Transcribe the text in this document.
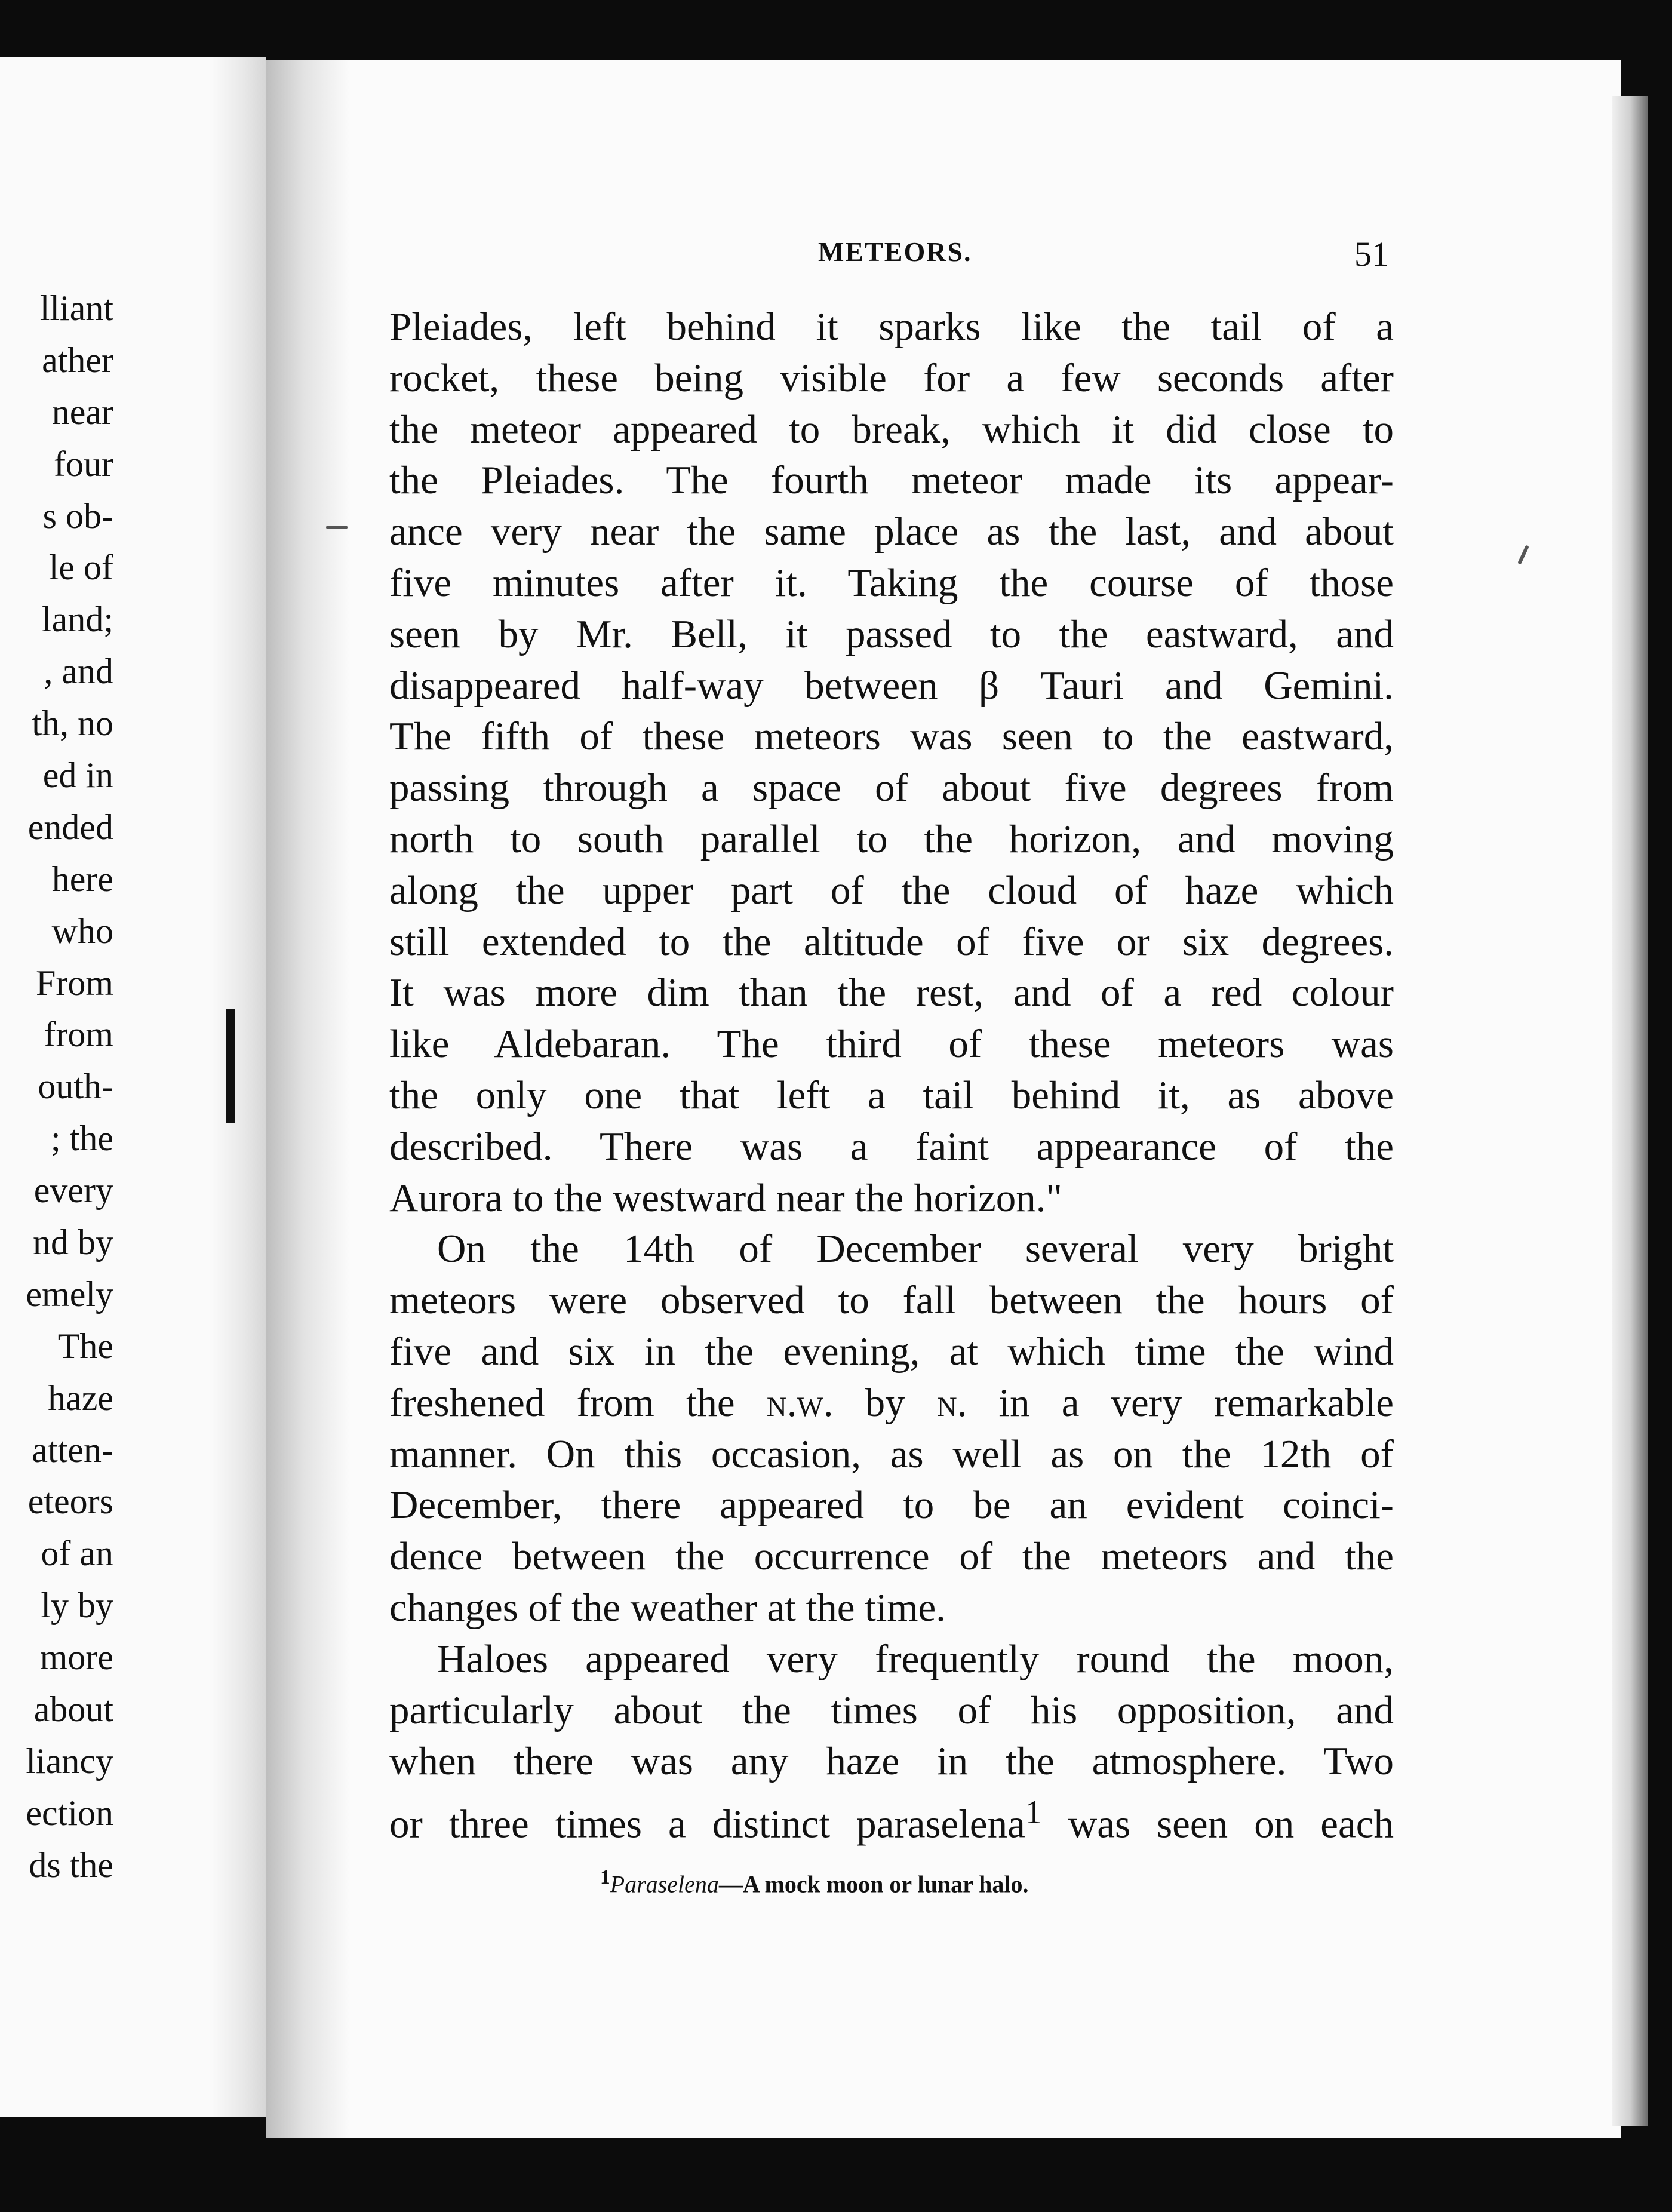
lliant
ather
near
four
s ob-
le of
land;
, and
th, no
ed in
ended
here
who
From
from
outh-
; the
every
nd by
emely
The
haze
atten-
eteors
of an
ly by
more
about
liancy
ection
ds the
METEORS.	51
Pleiades, left behind it sparks like the tail of a
rocket, these being visible for a few seconds after
the meteor appeared to break, which it did close to
the Pleiades. The fourth meteor made its appear-
ance very near the same place as the last, and about
five minutes after it. Taking the course of those
seen by Mr. Bell, it passed to the eastward, and
disappeared half-way between β Tauri and Gemini.
The fifth of these meteors was seen to the eastward,
passing through a space of about five degrees from
north to south parallel to the horizon, and moving
along the upper part of the cloud of haze which
still extended to the altitude of five or six degrees.
It was more dim than the rest, and of a red colour
like Aldebaran. The third of these meteors was
the only one that left a tail behind it, as above
described. There was a faint appearance of the
Aurora to the westward near the horizon."
On the 14th of December several very bright
meteors were observed to fall between the hours of
five and six in the evening, at which time the wind
freshened from the n.w. by n. in a very remarkable
manner. On this occasion, as well as on the 12th of
December, there appeared to be an evident coinci-
dence between the occurrence of the meteors and the
changes of the weather at the time.
Haloes appeared very frequently round the moon,
particularly about the times of his opposition, and
when there was any haze in the atmosphere. Two
or three times a distinct paraselena$^1$ was seen on each
$^1$Paraselena—A mock moon or lunar halo.
